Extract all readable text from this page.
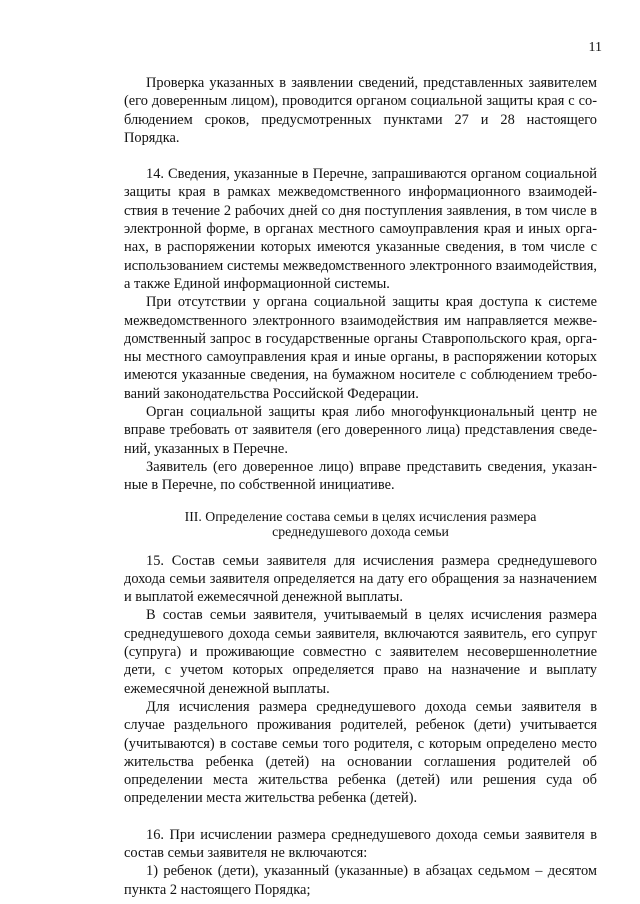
11

Проверка указанных в заявлении сведений, представленных заявителем (его доверенным лицом), проводится органом социальной защиты края с соблюдением сроков, предусмотренных пунктами 27 и 28 настоящего Порядка.

14. Сведения, указанные в Перечне, запрашиваются органом социальной защиты края в рамках межведомственного информационного взаимодействия в течение 2 рабочих дней со дня поступления заявления, в том числе в электронной форме, в органах местного самоуправления края и иных органах, в распоряжении которых имеются указанные сведения, в том числе с использованием системы межведомственного электронного взаимодействия, а также Единой информационной системы.

При отсутствии у органа социальной защиты края доступа к системе межведомственного электронного взаимодействия им направляется межведомственный запрос в государственные органы Ставропольского края, органы местного самоуправления края и иные органы, в распоряжении которых имеются указанные сведения, на бумажном носителе с соблюдением требований законодательства Российской Федерации.

Орган социальной защиты края либо многофункциональный центр не вправе требовать от заявителя (его доверенного лица) представления сведений, указанных в Перечне.

Заявитель (его доверенное лицо) вправе представить сведения, указанные в Перечне, по собственной инициативе.

III. Определение состава семьи в целях исчисления размера
среднедушевого дохода семьи

15. Состав семьи заявителя для исчисления размера среднедушевого дохода семьи заявителя определяется на дату его обращения за назначением и выплатой ежемесячной денежной выплаты.

В состав семьи заявителя, учитываемый в целях исчисления размера среднедушевого дохода семьи заявителя, включаются заявитель, его супруг (супруга) и проживающие совместно с заявителем несовершеннолетние дети, с учетом которых определяется право на назначение и выплату ежемесячной денежной выплаты.

Для исчисления размера среднедушевого дохода семьи заявителя в случае раздельного проживания родителей, ребенок (дети) учитывается (учитываются) в составе семьи того родителя, с которым определено место жительства ребенка (детей) на основании соглашения родителей об определении места жительства ребенка (детей) или решения суда об определении места жительства ребенка (детей).

16. При исчислении размера среднедушевого дохода семьи заявителя в состав семьи заявителя не включаются:

1) ребенок (дети), указанный (указанные) в абзацах седьмом – десятом пункта 2 настоящего Порядка;
